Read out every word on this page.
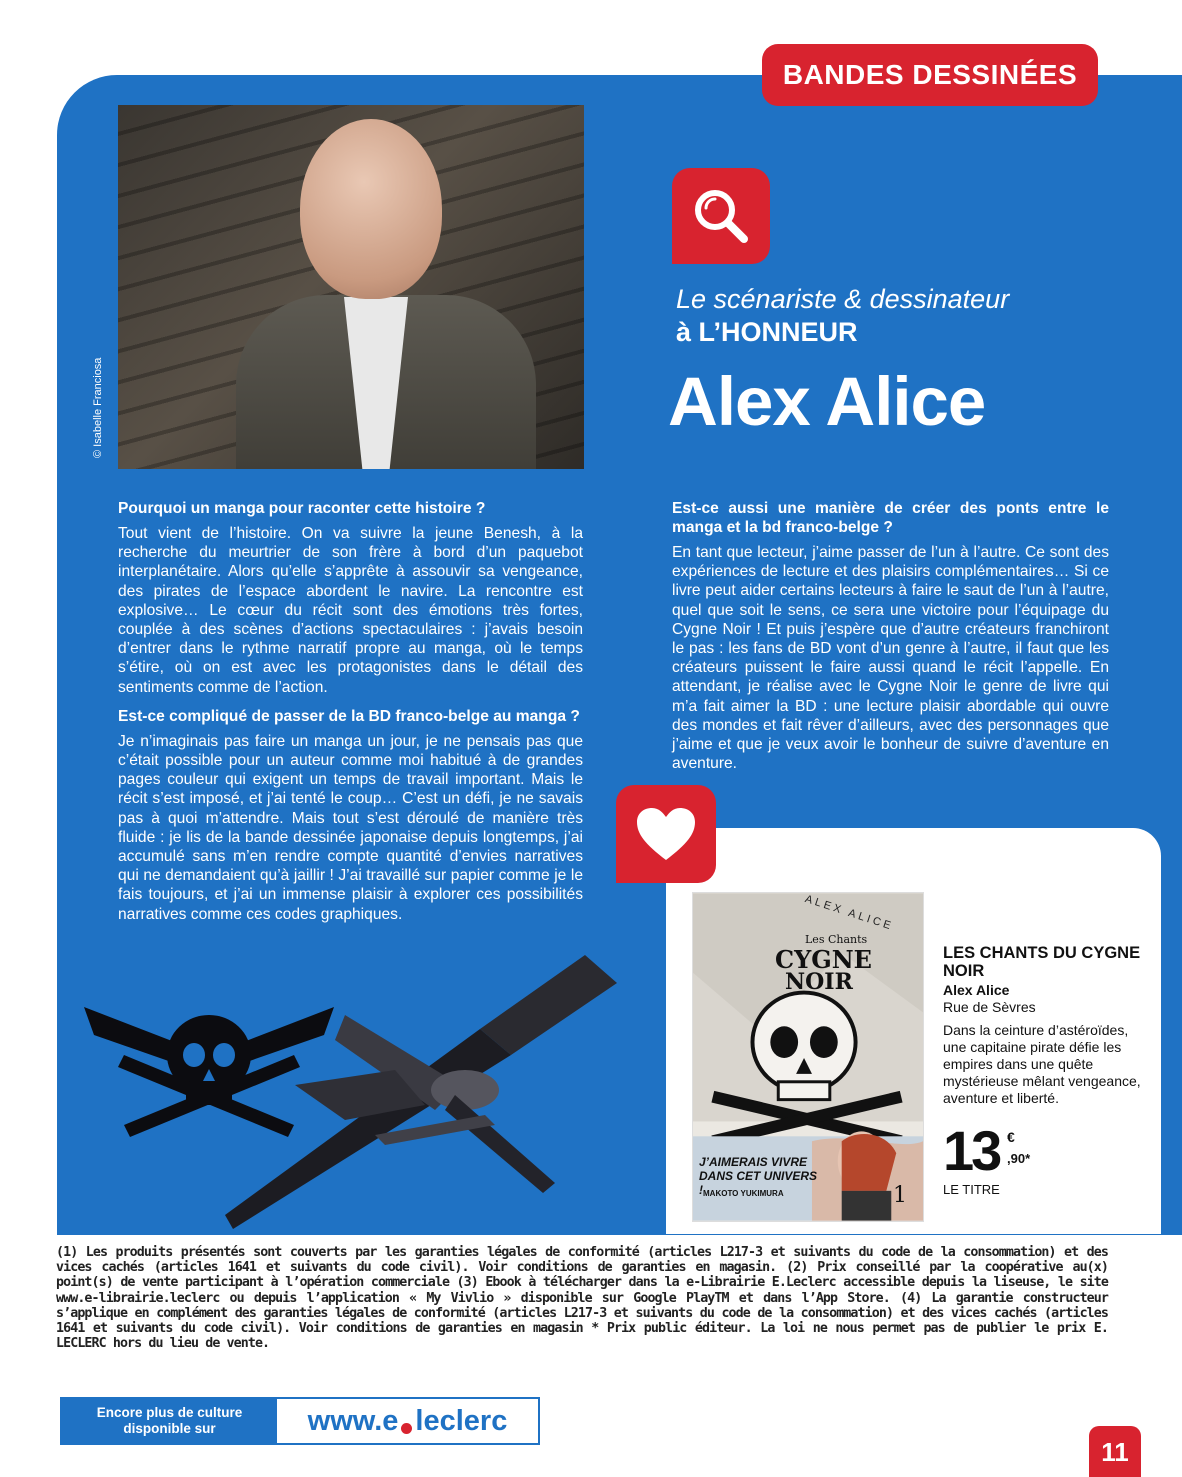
BANDES DESSINÉES
Le scénariste & dessinateur
à L’HONNEUR
Alex Alice
Pourquoi un manga pour raconter cette histoire ?

Tout vient de l’histoire. On va suivre la jeune Benesh, à la recherche du meurtrier de son frère à bord d’un paquebot interplanétaire. Alors qu’elle s’apprête à assouvir sa vengeance, des pirates de l’espace abordent le navire. La rencontre est explosive… Le cœur du récit sont des émotions très fortes, couplée à des scènes d’actions spectaculaires : j’avais besoin d’entrer dans le rythme narratif propre au manga, où le temps s’étire, où on est avec les protagonistes dans le détail des sentiments comme de l’action.

Est-ce compliqué de passer de la BD franco-belge au manga ?

Je n’imaginais pas faire un manga un jour, je ne pensais pas que c’était possible pour un auteur comme moi habitué à de grandes pages couleur qui exigent un temps de travail important. Mais le récit s’est imposé, et j’ai tenté le coup… C’est un défi, je ne savais pas à quoi m’attendre. Mais tout s’est déroulé de manière très fluide : je lis de la bande dessinée japonaise depuis longtemps, j’ai accumulé sans m’en rendre compte quantité d’envies narratives qui ne demandaient qu’à jaillir ! J’ai travaillé sur papier comme je le fais toujours, et j’ai un immense plaisir à explorer ces possibilités narratives comme ces codes graphiques.

Est-ce aussi une manière de créer des ponts entre le manga et la bd franco-belge ?

En tant que lecteur, j’aime passer de l’un à l’autre. Ce sont des expériences de lecture et des plaisirs complémentaires… Si ce livre peut aider certains lecteurs à faire le saut de l’un à l’autre, quel que soit le sens, ce sera une victoire pour l’équipage du Cygne Noir ! Et puis j’espère que d’autre créateurs franchiront le pas : les fans de BD vont d’un genre à l’autre, il faut que les créateurs puissent le faire aussi quand le récit l’appelle. En attendant, je réalise avec le Cygne Noir le genre de livre qui m’a fait aimer la BD : une lecture plaisir abordable qui ouvre des mondes et fait rêver d’ailleurs, avec des personnages que j’aime et que je veux avoir le bonheur de suivre d’aventure en aventure.

ALEX ALICE
Les Chants
CYGNE
NOIR
J’AIMERAIS VIVRE DANS CET UNIVERS ! MAKOTO YUKIMURA	1
LES CHANTS DU CYGNE NOIR
Alex Alice
Rue de Sèvres
Dans la ceinture d’astéroïdes, une capitaine pirate défie les empires dans une quête mystérieuse mêlant vengeance, aventure et liberté.
13 €
,90*
LE TITRE
(1) Les produits présentés sont couverts par les garanties légales de conformité (articles L217-3 et suivants du code de la consommation) et des vices cachés (articles 1641 et suivants du code civil). Voir conditions de garanties en magasin. (2) Prix conseillé par la coopérative au(x) point(s) de vente participant à l’opération commerciale (3) Ebook à télécharger dans la e-Librairie E.Leclerc accessible depuis la liseuse, le site www.e-librairie.leclerc ou depuis l’application « My Vivlio » disponible sur Google PlayTM et dans l’App Store. (4) La garantie constructeur s’applique en complément des garanties légales de conformité (articles L217-3 et suivants du code de la consommation) et des vices cachés (articles 1641 et suivants du code civil). Voir conditions de garanties en magasin * Prix public éditeur. La loi ne nous permet pas de publier le prix E. LECLERC hors du lieu de vente.
Encore plus de culture
disponible sur	www.e leclerc
11
